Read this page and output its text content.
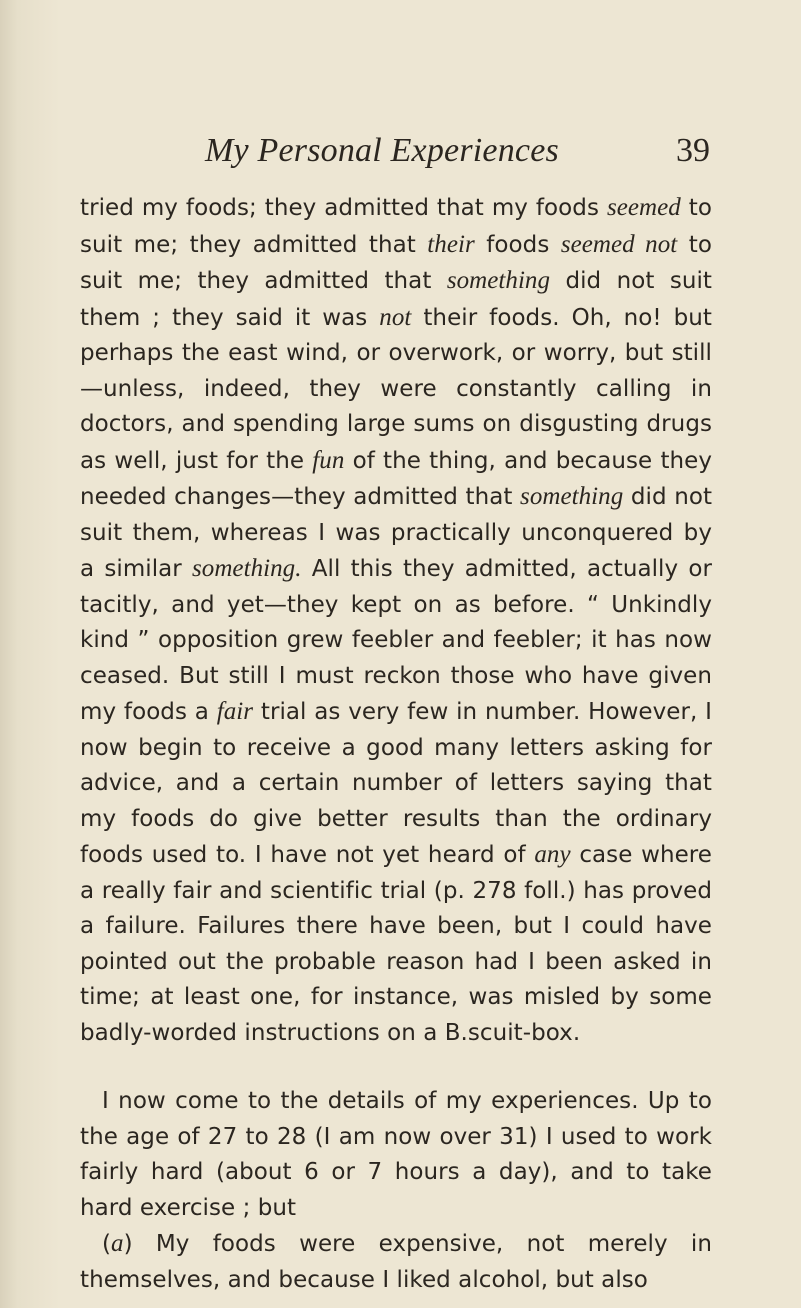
My Personal Experiences	39

tried my foods; they admitted that my foods seemed to suit me; they admitted that their foods seemed not to suit me; they admitted that something did not suit them ; they said it was not their foods. Oh, no! but perhaps the east wind, or overwork, or worry, but still—unless, indeed, they were constantly calling in doctors, and spending large sums on disgusting drugs as well, just for the fun of the thing, and because they needed changes—they admitted that something did not suit them, whereas I was practically unconquered by a similar something. All this they admitted, actually or tacitly, and yet—they kept on as before. “ Unkindly kind ” opposition grew feebler and feebler; it has now ceased. But still I must reckon those who have given my foods a fair trial as very few in number. However, I now begin to receive a good many letters asking for advice, and a certain number of letters saying that my foods do give better results than the ordinary foods used to. I have not yet heard of any case where a really fair and scientific trial (p. 278 foll.) has proved a failure. Failures there have been, but I could have pointed out the probable reason had I been asked in time; at least one, for instance, was misled by some badly-worded instructions on a B.scuit-box.

I now come to the details of my experiences. Up to the age of 27 to 28 (I am now over 31) I used to work fairly hard (about 6 or 7 hours a day), and to take hard exercise ; but

(a) My foods were expensive, not merely in themselves, and because I liked alcohol, but also
